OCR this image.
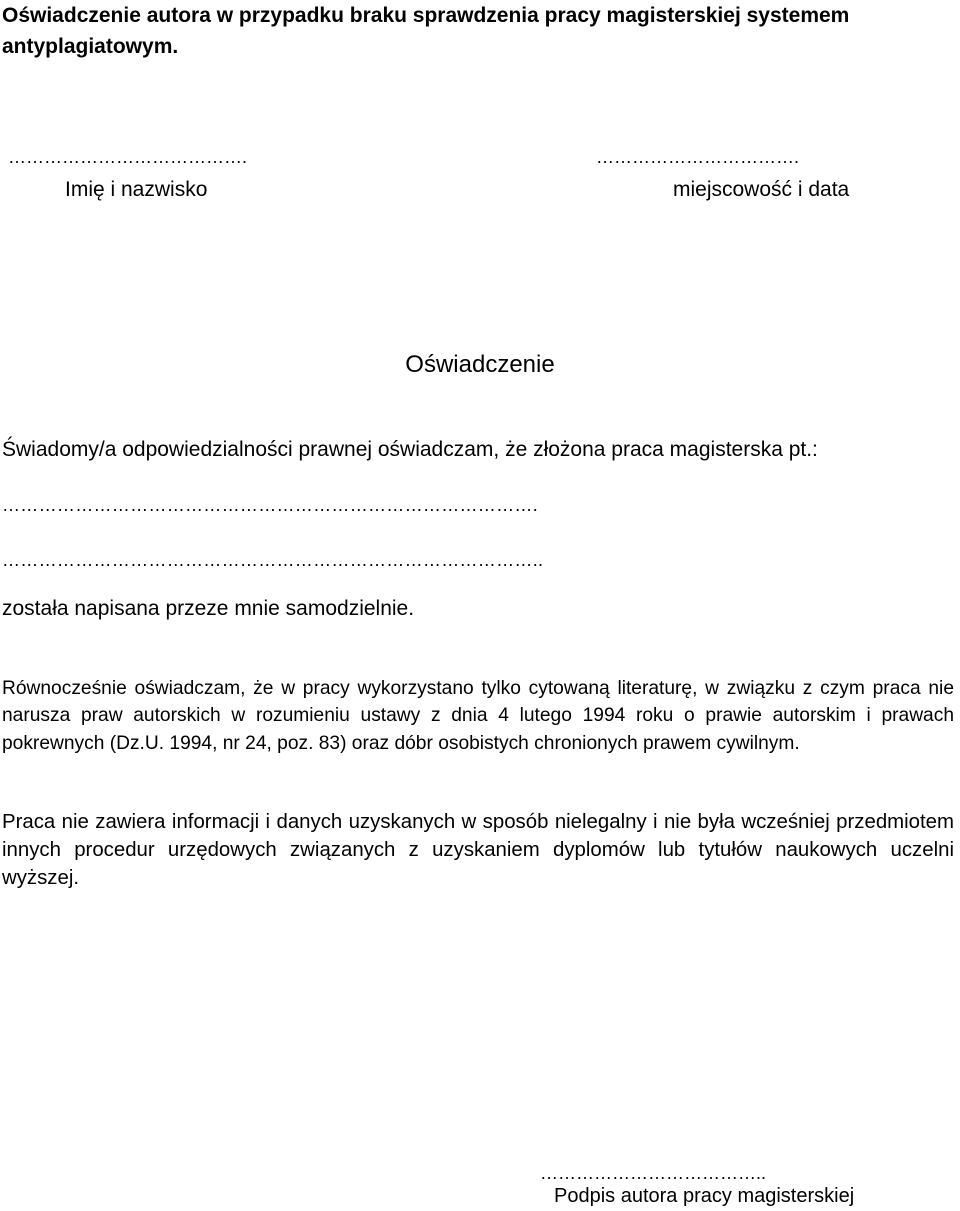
Oświadczenie autora w przypadku braku sprawdzenia pracy magisterskiej systemem antyplagiatowym.
………………………………….	…………………………….
Imię i nazwisko	miejscowość i data
Oświadczenie
Świadomy/a odpowiedzialności prawnej oświadczam, że złożona praca magisterska pt.:
…………………………………………………………………………….
……………………………………………………………………………..
została napisana przeze mnie samodzielnie.
Równocześnie oświadczam, że w pracy wykorzystano tylko cytowaną literaturę, w związku z czym praca nie narusza praw autorskich w rozumieniu ustawy z dnia 4 lutego 1994 roku o prawie autorskim i prawach pokrewnych (Dz.U. 1994, nr 24, poz. 83) oraz dóbr osobistych chronionych prawem cywilnym.
Praca nie zawiera informacji i danych uzyskanych w sposób nielegalny i nie była wcześniej przedmiotem innych procedur urzędowych związanych z uzyskaniem dyplomów lub tytułów naukowych uczelni wyższej.
………………………………..
Podpis autora pracy magisterskiej
